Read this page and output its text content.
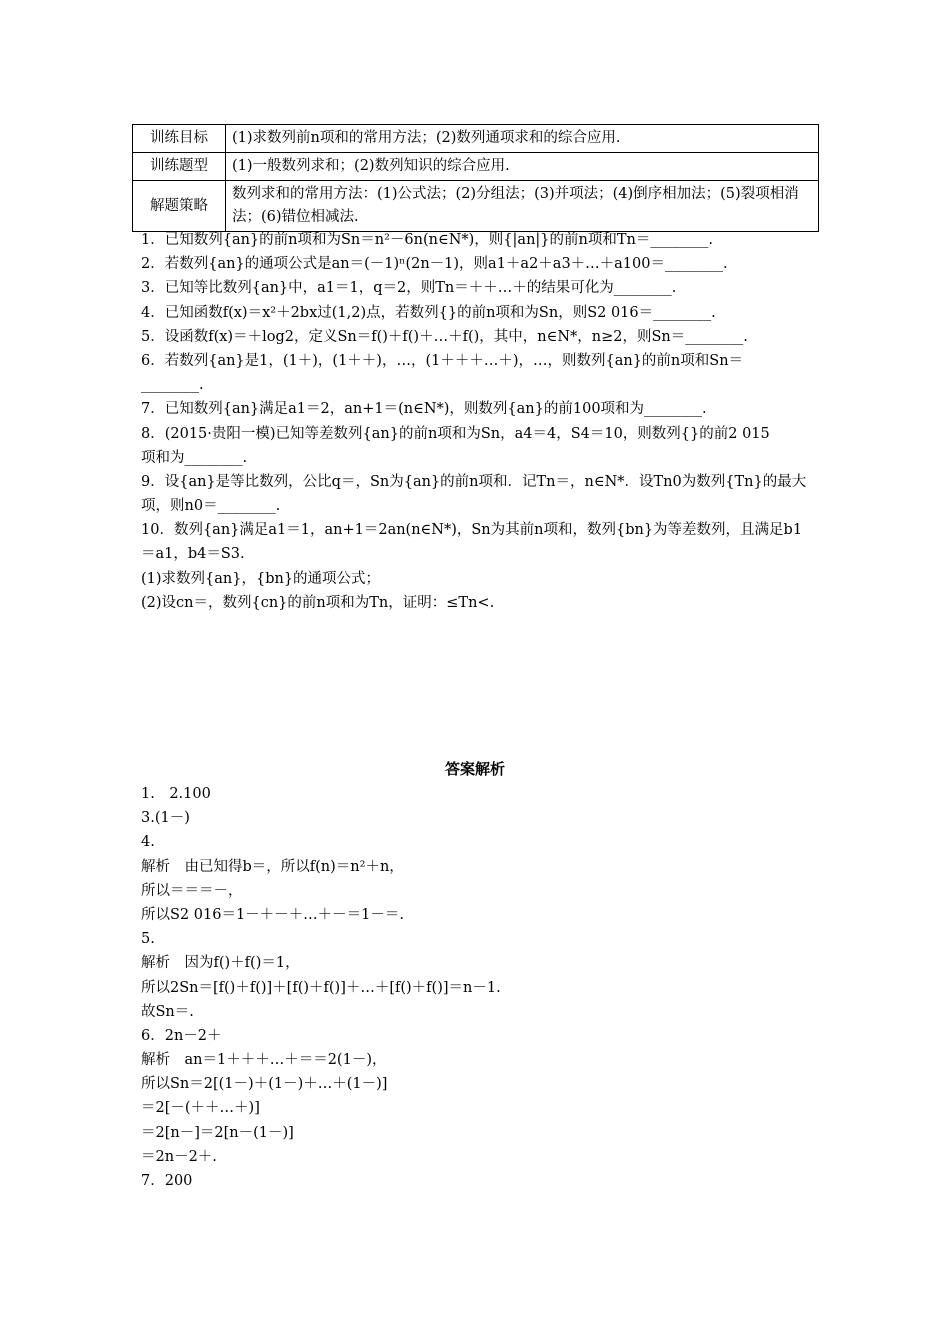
训练目标	(1)求数列前n项和的常用方法；(2)数列通项求和的综合应用.
训练题型	(1)一般数列求和；(2)数列知识的综合应用.
解题策略	数列求和的常用方法：(1)公式法；(2)分组法；(3)并项法；(4)倒序相加法；(5)裂项相消法；(6)错位相减法.
1．已知数列{an}的前n项和为Sn＝n²－6n(n∈N*)，则{|an|}的前n项和Tn＝________.
2．若数列{an}的通项公式是an＝(－1)ⁿ(2n－1)，则a1＋a2＋a3＋…＋a100＝________.
3．已知等比数列{an}中，a1＝1，q＝2，则Tn＝＋＋…＋的结果可化为________.
4．已知函数f(x)＝x²＋2bx过(1,2)点，若数列{}的前n项和为Sn，则S2 016＝________.
5．设函数f(x)＝＋log2，定义Sn＝f()＋f()＋…＋f()，其中，n∈N*，n≥2，则Sn＝________.
6．若数列{an}是1，(1＋)，(1＋＋)，…，(1＋＋＋…＋)，…，则数列{an}的前n项和Sn＝
________.
7．已知数列{an}满足a1＝2，an+1＝(n∈N*)，则数列{an}的前100项和为________.
8．(2015·贵阳一模)已知等差数列{an}的前n项和为Sn，a4＝4，S4＝10，则数列{}的前2 015
项和为________.
9．设{an}是等比数列，公比q＝，Sn为{an}的前n项和．记Tn＝，n∈N*．设Tn0为数列{Tn}的最大
项，则n0＝________.
10．数列{an}满足a1＝1，an+1＝2an(n∈N*)，Sn为其前n项和，数列{bn}为等差数列，且满足b1
＝a1，b4＝S3.
(1)求数列{an}，{bn}的通项公式；
(2)设cn＝，数列{cn}的前n项和为Tn，证明：≤Tn<.
答案解析
1.　2.100
3.(1－)
4.
解析　由已知得b＝，所以f(n)＝n²＋n，
所以＝＝＝－，
所以S2 016＝1－＋－＋…＋－＝1－＝.
5.
解析　因为f()＋f()＝1，
所以2Sn＝[f()＋f()]＋[f()＋f()]＋…＋[f()＋f()]＝n－1.
故Sn＝.
6．2n－2＋
解析　an＝1＋＋＋…＋＝＝2(1－)，
所以Sn＝2[(1－)＋(1－)＋…＋(1－)]
＝2[－(＋＋…＋)]
＝2[n－]＝2[n－(1－)]
＝2n－2＋.
7．200
